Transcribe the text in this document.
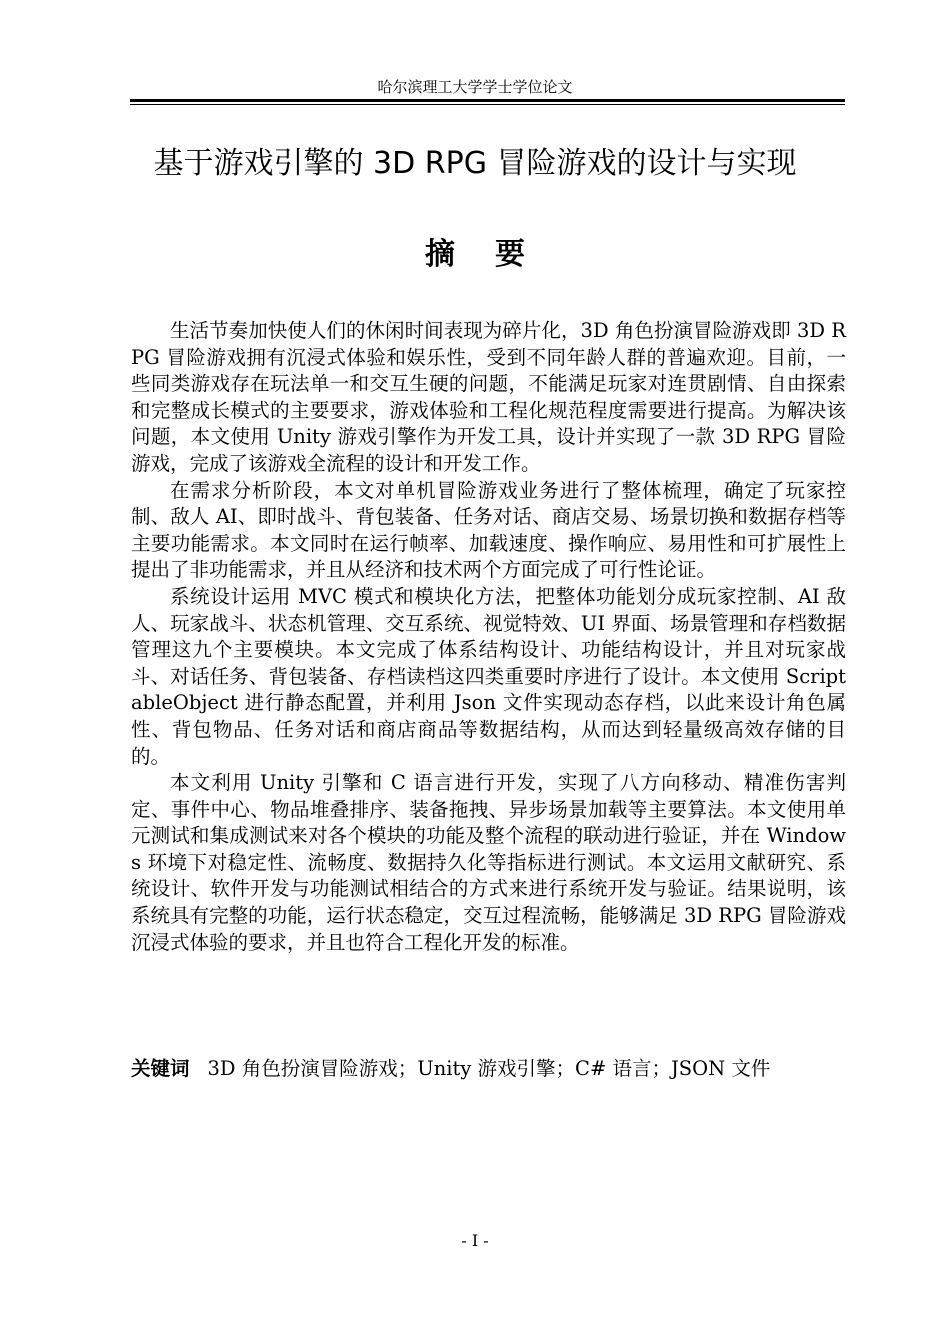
哈尔滨理工大学学士学位论文
基于游戏引擎的 3D RPG 冒险游戏的设计与实现
摘要

生活节奏加快使人们的休闲时间表现为碎片化，3D 角色扮演冒险游戏即 3D RPG 冒险游戏拥有沉浸式体验和娱乐性，受到不同年龄人群的普遍欢迎。目前，一些同类游戏存在玩法单一和交互生硬的问题，不能满足玩家对连贯剧情、自由探索和完整成长模式的主要要求，游戏体验和工程化规范程度需要进行提高。为解决该问题，本文使用 Unity 游戏引擎作为开发工具，设计并实现了一款 3D RPG 冒险游戏，完成了该游戏全流程的设计和开发工作。

在需求分析阶段，本文对单机冒险游戏业务进行了整体梳理，确定了玩家控制、敌人 AI、即时战斗、背包装备、任务对话、商店交易、场景切换和数据存档等主要功能需求。本文同时在运行帧率、加载速度、操作响应、易用性和可扩展性上提出了非功能需求，并且从经济和技术两个方面完成了可行性论证。

系统设计运用 MVC 模式和模块化方法，把整体功能划分成玩家控制、AI 敌人、玩家战斗、状态机管理、交互系统、视觉特效、UI 界面、场景管理和存档数据管理这九个主要模块。本文完成了体系结构设计、功能结构设计，并且对玩家战斗、对话任务、背包装备、存档读档这四类重要时序进行了设计。本文使用 ScriptableObject 进行静态配置，并利用 Json 文件实现动态存档，以此来设计角色属性、背包物品、任务对话和商店商品等数据结构，从而达到轻量级高效存储的目的。

本文利用 Unity 引擎和 C 语言进行开发，实现了八方向移动、精准伤害判定、事件中心、物品堆叠排序、装备拖拽、异步场景加载等主要算法。本文使用单元测试和集成测试来对各个模块的功能及整个流程的联动进行验证，并在 Windows 环境下对稳定性、流畅度、数据持久化等指标进行测试。本文运用文献研究、系统设计、软件开发与功能测试相结合的方式来进行系统开发与验证。结果说明，该系统具有完整的功能，运行状态稳定，交互过程流畅，能够满足 3D RPG 冒险游戏沉浸式体验的要求，并且也符合工程化开发的标准。

关键词 3D 角色扮演冒险游戏；Unity 游戏引擎；C# 语言；JSON 文件
- I -
